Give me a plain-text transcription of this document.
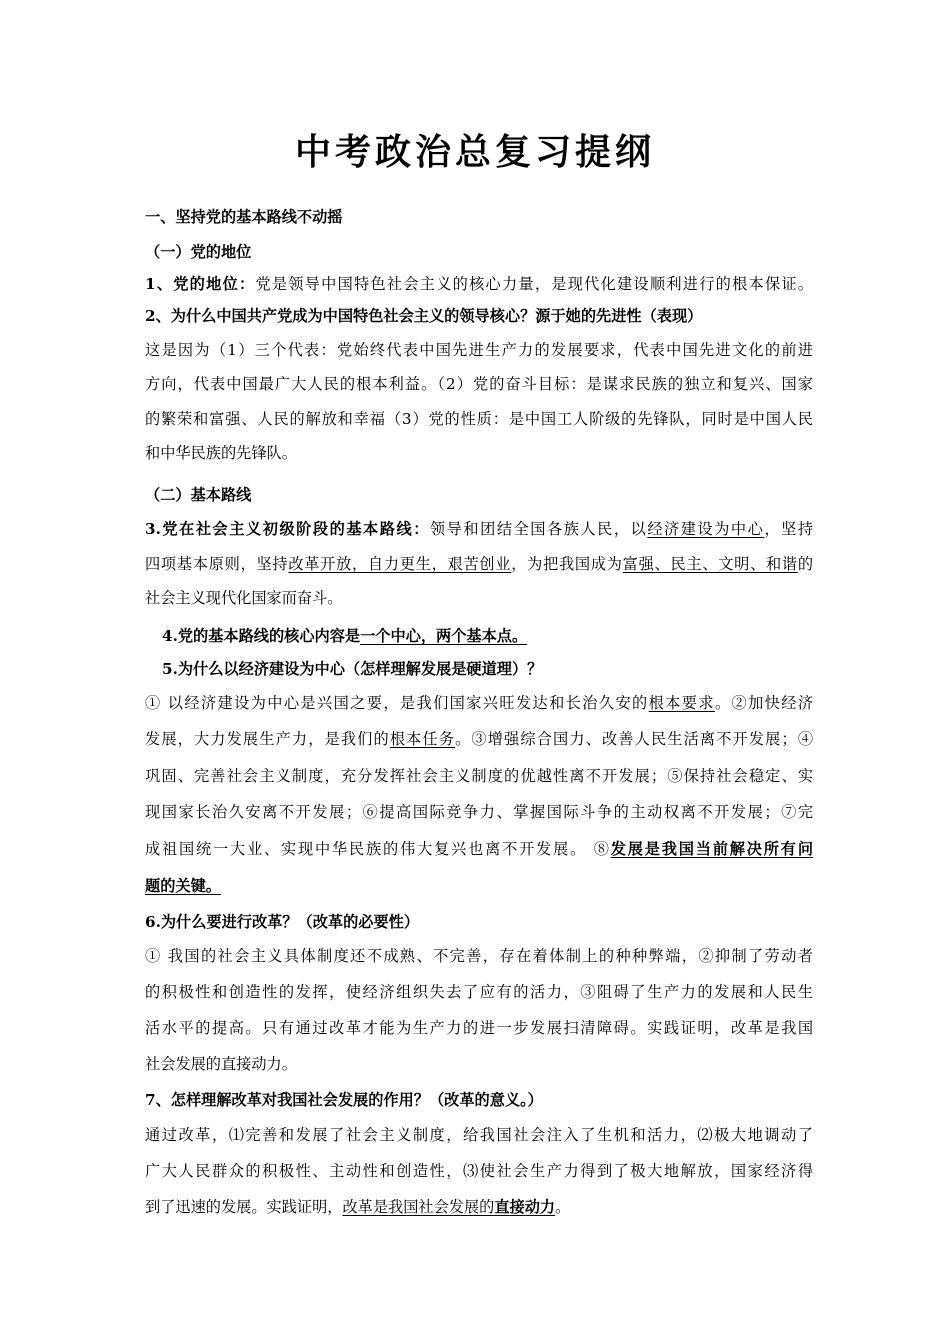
中考政治总复习提纲

一、坚持党的基本路线不动摇

（一）党的地位

1、党的地位：党是领导中国特色社会主义的核心力量，是现代化建设顺利进行的根本保证。

2、为什么中国共产党成为中国特色社会主义的领导核心？源于她的先进性（表现）

这是因为（1）三个代表：党始终代表中国先进生产力的发展要求，代表中国先进文化的前进

方向，代表中国最广大人民的根本利益。（2）党的奋斗目标：是谋求民族的独立和复兴、国家

的繁荣和富强、人民的解放和幸福（3）党的性质：是中国工人阶级的先锋队，同时是中国人民

和中华民族的先锋队。

（二）基本路线

3.党在社会主义初级阶段的基本路线：领导和团结全国各族人民，以经济建设为中心，坚持

四项基本原则，坚持改革开放，自力更生，艰苦创业，为把我国成为富强、民主、文明、和谐的

社会主义现代化国家而奋斗。

4.党的基本路线的核心内容是一个中心，两个基本点。

5.为什么以经济建设为中心（怎样理解发展是硬道理）？

① 以经济建设为中心是兴国之要，是我们国家兴旺发达和长治久安的根本要求。②加快经济

发展，大力发展生产力，是我们的根本任务。③增强综合国力、改善人民生活离不开发展；④

巩固、完善社会主义制度，充分发挥社会主义制度的优越性离不开发展；⑤保持社会稳定、实

现国家长治久安离不开发展；⑥提高国际竞争力、掌握国际斗争的主动权离不开发展；⑦完

成祖国统一大业、实现中华民族的伟大复兴也离不开发展。 ⑧发展是我国当前解决所有问

题的关键。

6.为什么要进行改革？（改革的必要性）

① 我国的社会主义具体制度还不成熟、不完善，存在着体制上的种种弊端，②抑制了劳动者

的积极性和创造性的发挥，使经济组织失去了应有的活力，③阻碍了生产力的发展和人民生

活水平的提高。只有通过改革才能为生产力的进一步发展扫清障碍。实践证明，改革是我国

社会发展的直接动力。

7、怎样理解改革对我国社会发展的作用？（改革的意义。）

通过改革，⑴完善和发展了社会主义制度，给我国社会注入了生机和活力，⑵极大地调动了

广大人民群众的积极性、主动性和创造性，⑶使社会生产力得到了极大地解放，国家经济得

到了迅速的发展。实践证明，改革是我国社会发展的直接动力。
